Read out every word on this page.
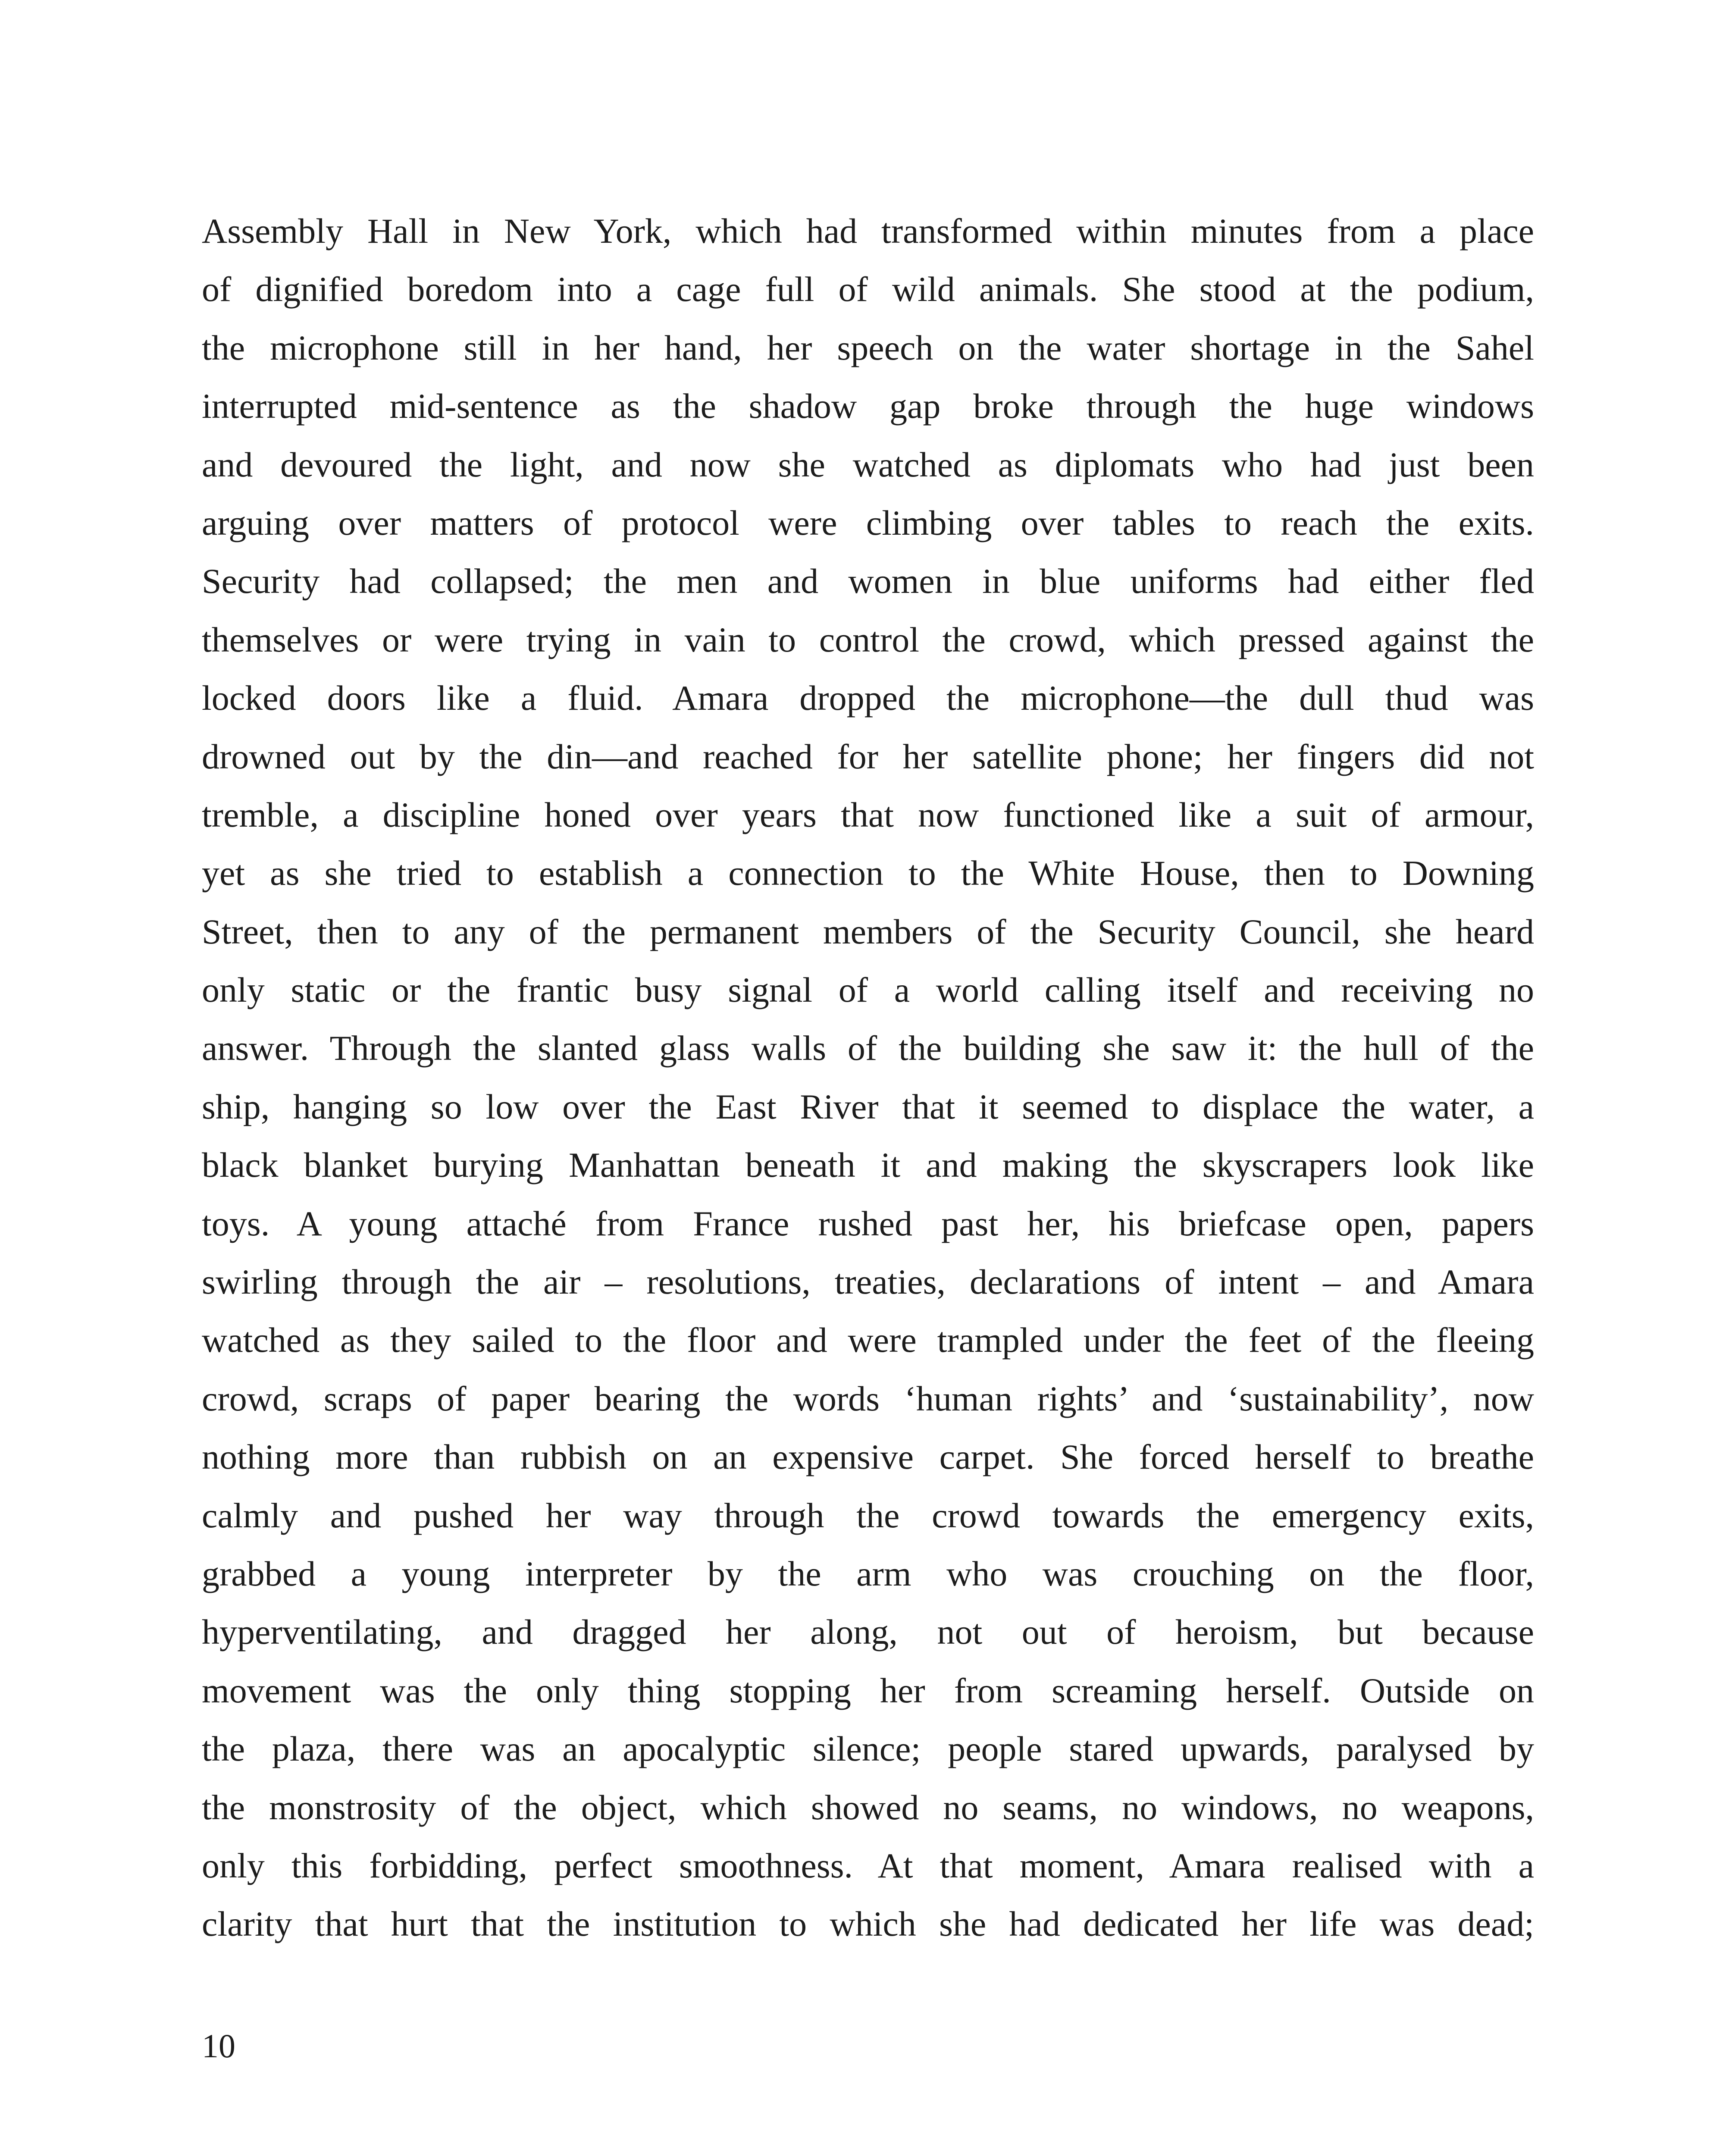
Assembly Hall in New York, which had transformed within minutes from a place
of dignified boredom into a cage full of wild animals. She stood at the podium,
the microphone still in her hand, her speech on the water shortage in the Sahel
interrupted mid-sentence as the shadow gap broke through the huge windows
and devoured the light, and now she watched as diplomats who had just been
arguing over matters of protocol were climbing over tables to reach the exits.
Security had collapsed; the men and women in blue uniforms had either fled
themselves or were trying in vain to control the crowd, which pressed against the
locked doors like a fluid. Amara dropped the microphone—the dull thud was
drowned out by the din—and reached for her satellite phone; her fingers did not
tremble, a discipline honed over years that now functioned like a suit of armour,
yet as she tried to establish a connection to the White House, then to Downing
Street, then to any of the permanent members of the Security Council, she heard
only static or the frantic busy signal of a world calling itself and receiving no
answer. Through the slanted glass walls of the building she saw it: the hull of the
ship, hanging so low over the East River that it seemed to displace the water, a
black blanket burying Manhattan beneath it and making the skyscrapers look like
toys. A young attaché from France rushed past her, his briefcase open, papers
swirling through the air – resolutions, treaties, declarations of intent – and Amara
watched as they sailed to the floor and were trampled under the feet of the fleeing
crowd, scraps of paper bearing the words ‘human rights’ and ‘sustainability’, now
nothing more than rubbish on an expensive carpet. She forced herself to breathe
calmly and pushed her way through the crowd towards the emergency exits,
grabbed a young interpreter by the arm who was crouching on the floor,
hyperventilating, and dragged her along, not out of heroism, but because
movement was the only thing stopping her from screaming herself. Outside on
the plaza, there was an apocalyptic silence; people stared upwards, paralysed by
the monstrosity of the object, which showed no seams, no windows, no weapons,
only this forbidding, perfect smoothness. At that moment, Amara realised with a
clarity that hurt that the institution to which she had dedicated her life was dead;

10
